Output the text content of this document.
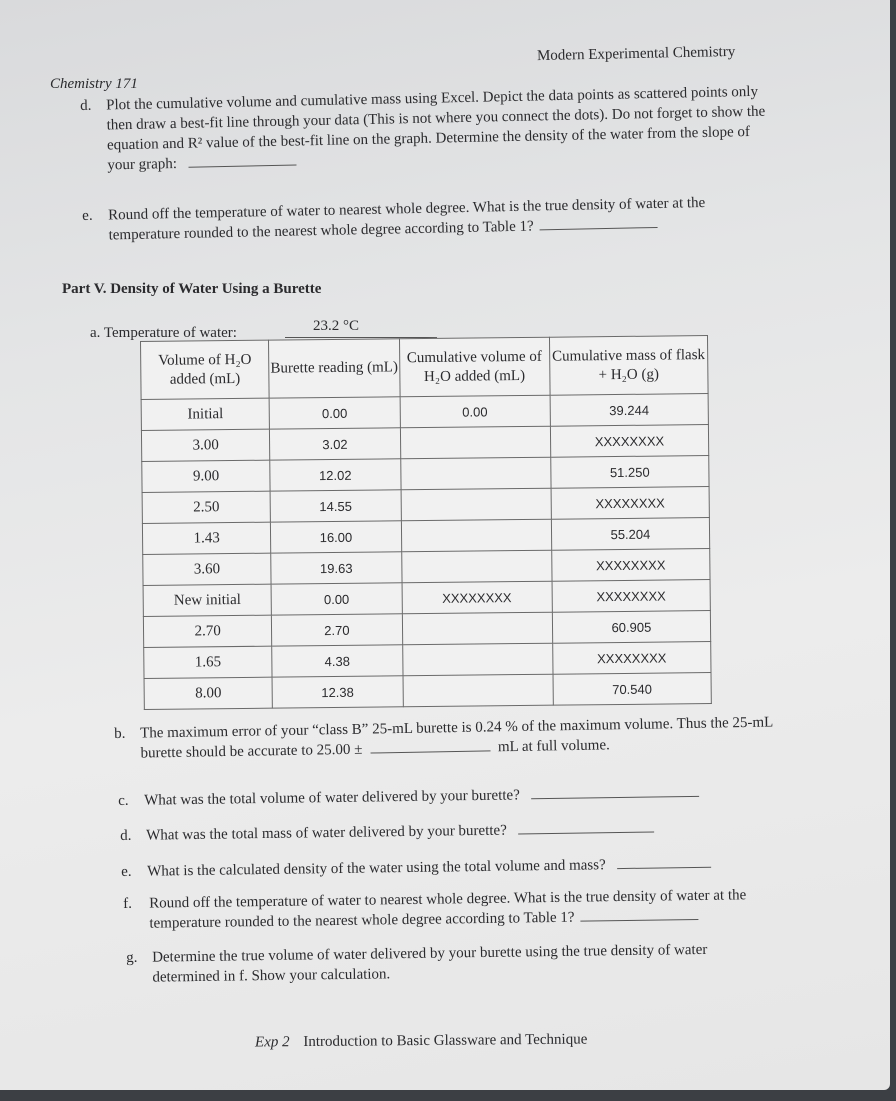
Chemistry 171
Modern Experimental Chemistry
d. Plot the cumulative volume and cumulative mass using Excel. Depict the data points as scattered points only then draw a best-fit line through your data (This is not where you connect the dots). Do not forget to show the equation and R² value of the best-fit line on the graph. Determine the density of the water from the slope of your graph:
e. Round off the temperature of water to nearest whole degree. What is the true density of water at the temperature rounded to the nearest whole degree according to Table 1?
Part V. Density of Water Using a Burette
a. Temperature of water:	23.2 °C
Volume of H₂O added (mL)	Burette reading (mL)	Cumulative volume of H₂O added (mL)	Cumulative mass of flask + H₂O (g)
Initial	0.00	0.00	39.244
3.00	3.02		XXXXXXXX
9.00	12.02		51.250
2.50	14.55		XXXXXXXX
1.43	16.00		55.204
3.60	19.63		XXXXXXXX
New initial	0.00	XXXXXXXX	XXXXXXXX
2.70	2.70		60.905
1.65	4.38		XXXXXXXX
8.00	12.38		70.540
b. The maximum error of your “class B” 25-mL burette is 0.24 % of the maximum volume. Thus the 25-mL burette should be accurate to 25.00 ±	mL at full volume.
c. What was the total volume of water delivered by your burette?
d. What was the total mass of water delivered by your burette?
e. What is the calculated density of the water using the total volume and mass?
f. Round off the temperature of water to nearest whole degree. What is the true density of water at the temperature rounded to the nearest whole degree according to Table 1?
g. Determine the true volume of water delivered by your burette using the true density of water determined in f. Show your calculation.
Exp 2 Introduction to Basic Glassware and Technique
